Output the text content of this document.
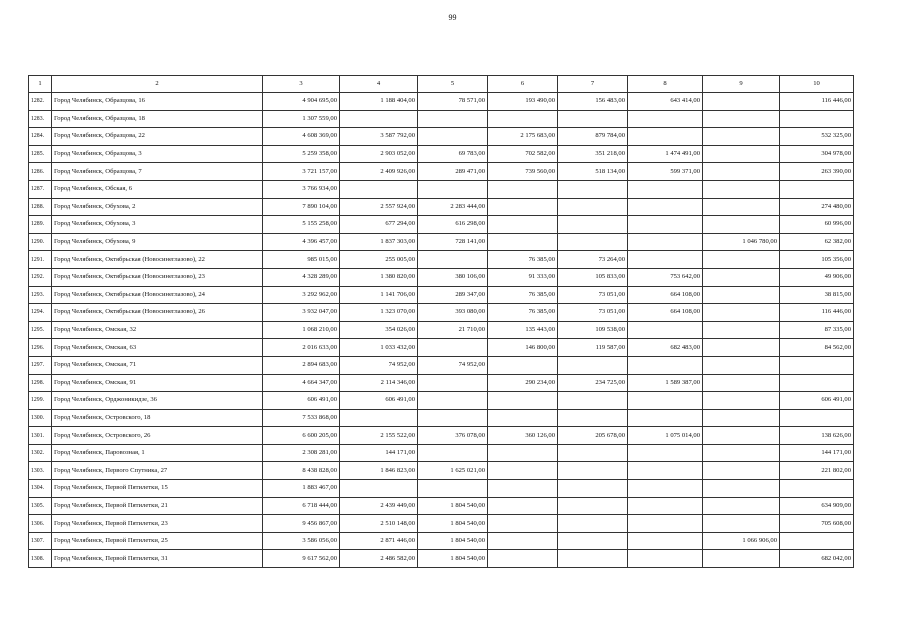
99
1	2	3	4	5	6	7	8	9	10
1282.	Город Челябинск, Образцова, 16	4 904 695,00	1 188 404,00	78 571,00	193 490,00	156 483,00	643 414,00		116 446,00
1283.	Город Челябинск, Образцова, 18	1 307 559,00							
1284.	Город Челябинск, Образцова, 22	4 608 369,00	3 587 792,00		2 175 683,00	879 784,00			532 325,00
1285.	Город Челябинск, Образцова, 3	5 259 358,00	2 903 052,00	69 783,00	702 582,00	351 218,00	1 474 491,00		304 978,00
1286.	Город Челябинск, Образцова, 7	3 721 157,00	2 409 926,00	289 471,00	739 560,00	518 134,00	599 371,00		263 390,00
1287.	Город Челябинск, Обская, 6	3 766 934,00							
1288.	Город Челябинск, Обухова, 2	7 890 104,00	2 557 924,00	2 283 444,00					274 480,00
1289.	Город Челябинск, Обухова, 3	5 155 258,00	677 294,00	616 298,00					60 996,00
1290.	Город Челябинск, Обухова, 9	4 396 457,00	1 837 303,00	728 141,00				1 046 780,00	62 382,00
1291.	Город Челябинск, Октябрьская (Новосинеглазово), 22	985 015,00	255 005,00		76 385,00	73 264,00			105 356,00
1292.	Город Челябинск, Октябрьская (Новосинеглазово), 23	4 328 289,00	1 380 820,00	380 106,00	91 333,00	105 833,00	753 642,00		49 906,00
1293.	Город Челябинск, Октябрьская (Новосинеглазово), 24	3 292 962,00	1 141 706,00	289 347,00	76 385,00	73 051,00	664 108,00		38 815,00
1294.	Город Челябинск, Октябрьская (Новосинеглазово), 26	3 932 047,00	1 323 070,00	393 080,00	76 385,00	73 051,00	664 108,00		116 446,00
1295.	Город Челябинск, Омская, 32	1 068 210,00	354 026,00	21 710,00	135 443,00	109 538,00			87 335,00
1296.	Город Челябинск, Омская, 63	2 016 633,00	1 033 432,00		146 800,00	119 587,00	682 483,00		84 562,00
1297.	Город Челябинск, Омская, 71	2 894 683,00	74 952,00	74 952,00					
1298.	Город Челябинск, Омская, 91	4 664 347,00	2 114 346,00		290 234,00	234 725,00	1 589 387,00		
1299.	Город Челябинск, Орджоникидзе, 36	606 491,00	606 491,00						606 491,00
1300.	Город Челябинск, Островского, 18	7 533 868,00							
1301.	Город Челябинск, Островского, 26	6 600 205,00	2 155 522,00	376 078,00	360 126,00	205 678,00	1 075 014,00		138 626,00
1302.	Город Челябинск, Паровозная, 1	2 308 281,00	144 171,00						144 171,00
1303.	Город Челябинск, Первого Спутника, 27	8 438 828,00	1 846 823,00	1 625 021,00					221 802,00
1304.	Город Челябинск, Первой Пятилетки, 15	1 883 467,00							
1305.	Город Челябинск, Первой Пятилетки, 21	6 718 444,00	2 439 449,00	1 804 540,00					634 909,00
1306.	Город Челябинск, Первой Пятилетки, 23	9 456 867,00	2 510 148,00	1 804 540,00					705 608,00
1307.	Город Челябинск, Первой Пятилетки, 25	3 586 056,00	2 871 446,00	1 804 540,00				1 066 906,00	
1308.	Город Челябинск, Первой Пятилетки, 31	9 617 562,00	2 486 582,00	1 804 540,00					682 042,00
